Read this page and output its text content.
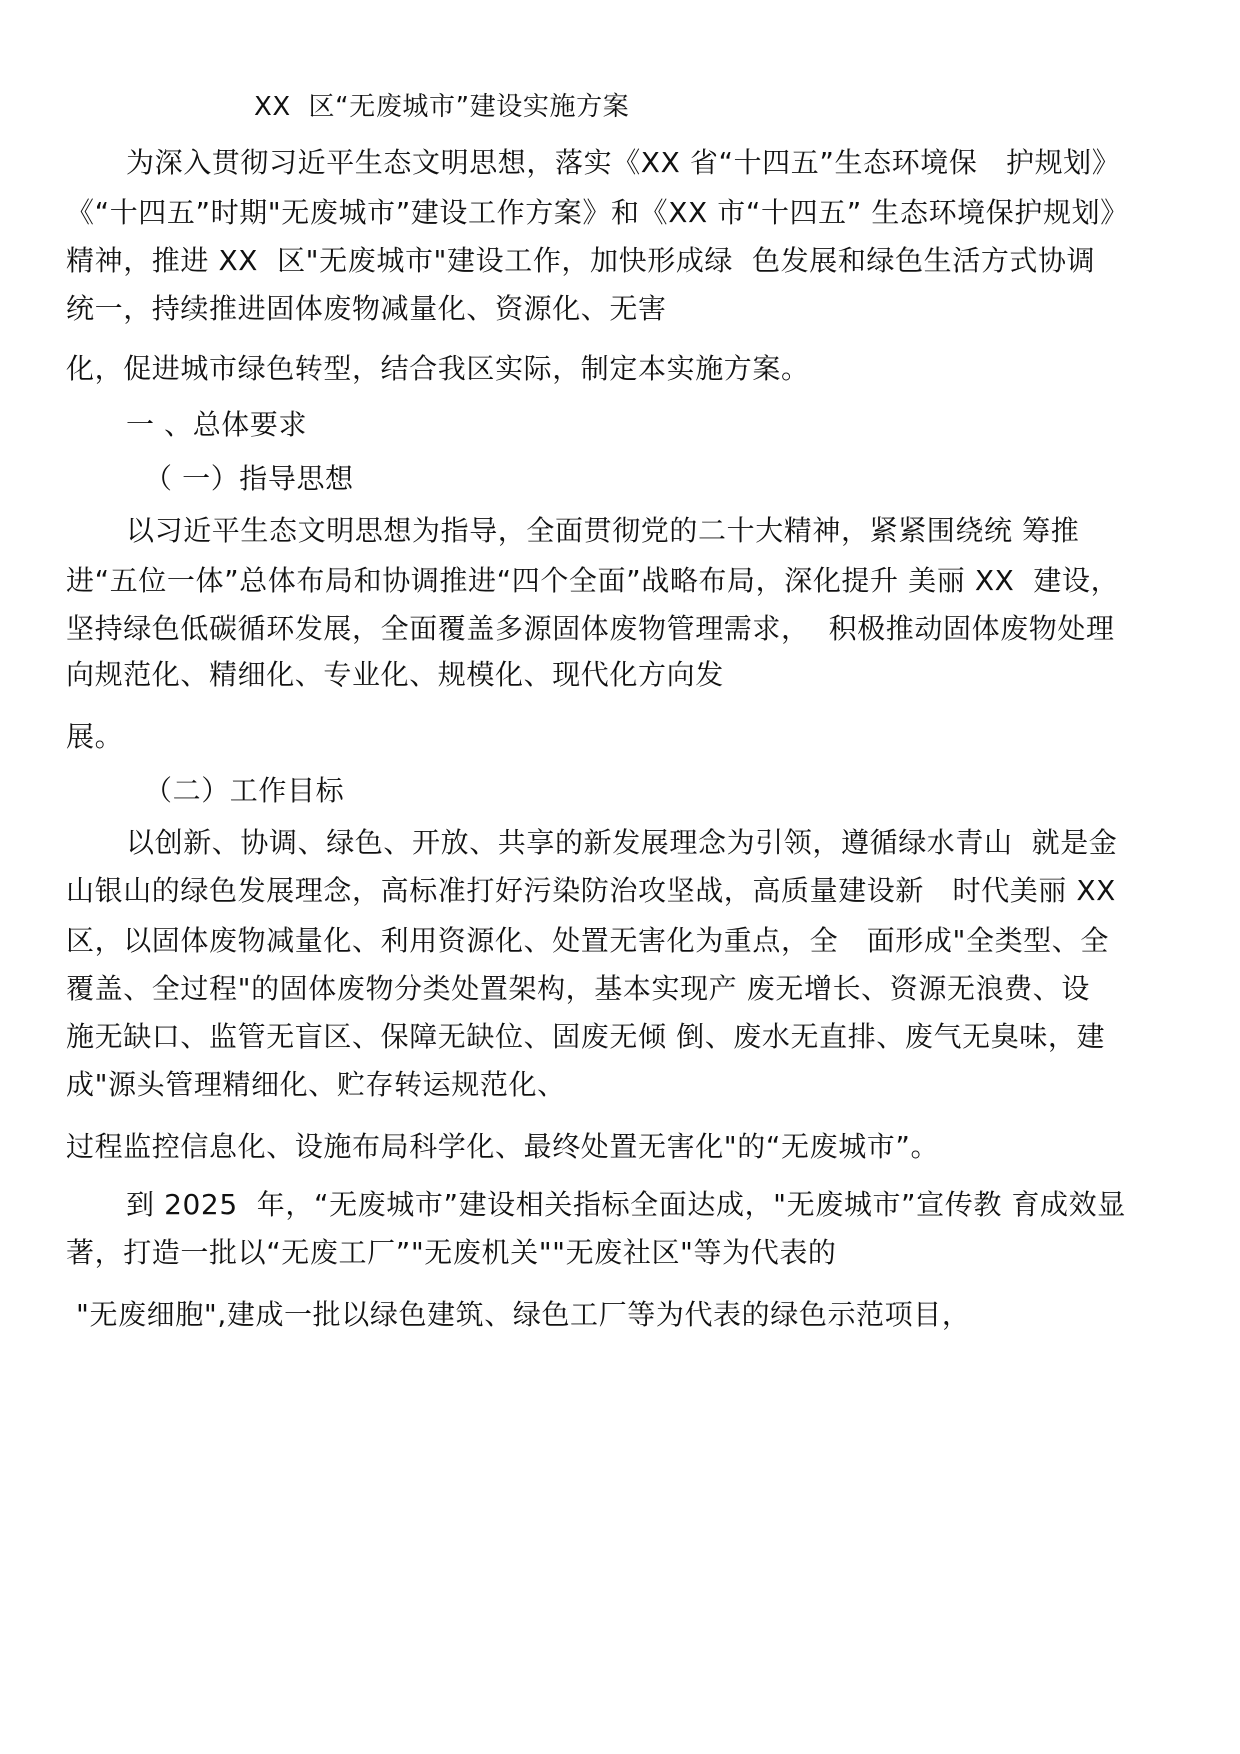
XX  区“无废城市”建设实施方案
为深入贯彻习近平生态文明思想，落实《XX 省“十四五”生态环境保   护规划》
《“十四五”时期"无废城市”建设工作方案》和《XX 市“十四五” 生态环境保护规划》
精神，推进 XX  区"无废城市"建设工作，加快形成绿  色发展和绿色生活方式协调
统一，持续推进固体废物减量化、资源化、无害
化，促进城市绿色转型，结合我区实际，制定本实施方案。
一 、总体要求
（ 一）指导思想
以习近平生态文明思想为指导，全面贯彻党的二十大精神，紧紧围绕统 筹推
进“五位一体”总体布局和协调推进“四个全面”战略布局，深化提升 美丽 XX  建设，
坚持绿色低碳循环发展，全面覆盖多源固体废物管理需求，  积极推动固体废物处理
向规范化、精细化、专业化、规模化、现代化方向发
展。
（二）工作目标
以创新、协调、绿色、开放、共享的新发展理念为引领，遵循绿水青山  就是金
山银山的绿色发展理念，高标准打好污染防治攻坚战，高质量建设新   时代美丽 XX
区，以固体废物减量化、利用资源化、处置无害化为重点，全   面形成"全类型、全
覆盖、全过程"的固体废物分类处置架构，基本实现产 废无增长、资源无浪费、设
施无缺口、监管无盲区、保障无缺位、固废无倾 倒、废水无直排、废气无臭味，建
成"源头管理精细化、贮存转运规范化、
过程监控信息化、设施布局科学化、最终处置无害化"的“无废城市”。
到 2025  年，“无废城市”建设相关指标全面达成，"无废城市”宣传教 育成效显
著，打造一批以“无废工厂”"无废机关""无废社区"等为代表的
"无废细胞",建成一批以绿色建筑、绿色工厂等为代表的绿色示范项目，
